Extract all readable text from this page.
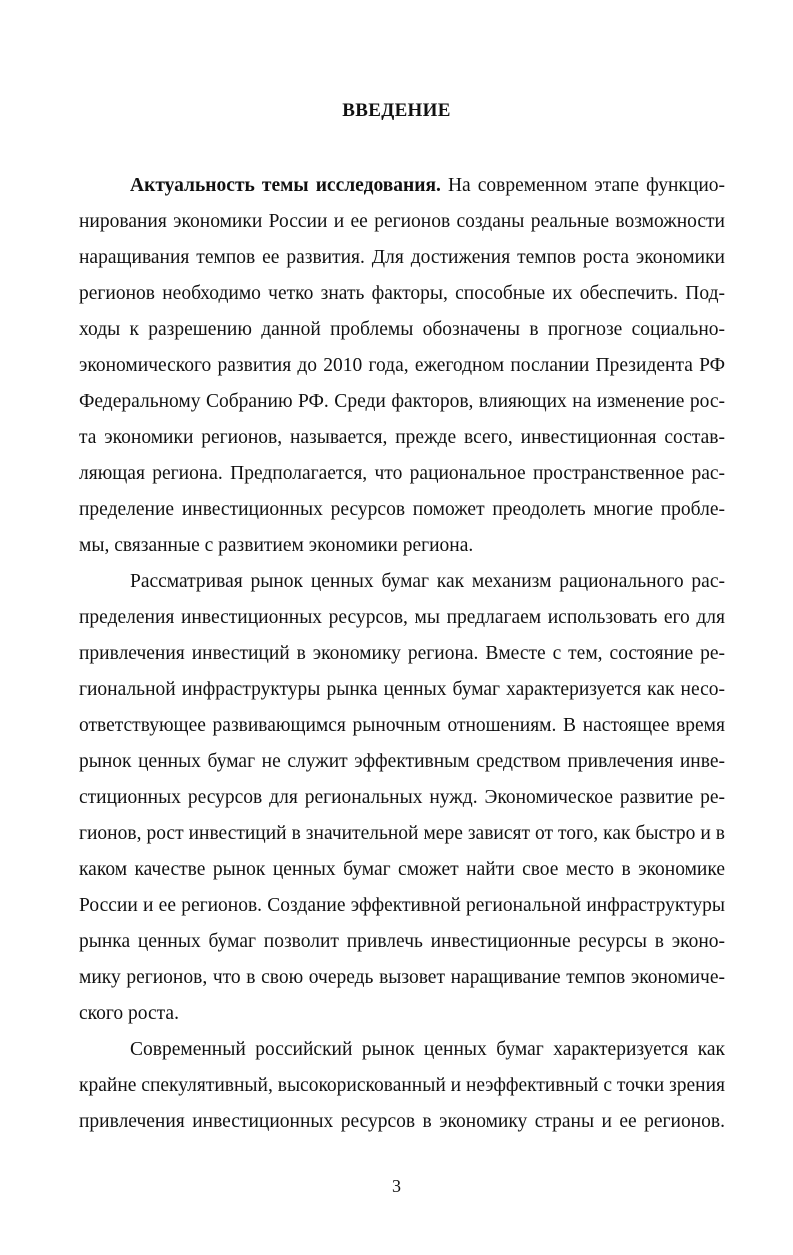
ВВЕДЕНИЕ
Актуальность темы исследования. На современном этапе функцио-
нирования экономики России и ее регионов созданы реальные возможности
наращивания темпов ее развития. Для достижения темпов роста экономики
регионов необходимо четко знать факторы, способные их обеспечить. Под-
ходы к разрешению данной проблемы обозначены в прогнозе социально-
экономического развития до 2010 года, ежегодном послании Президента РФ
Федеральному Собранию РФ. Среди факторов, влияющих на изменение рос-
та экономики регионов, называется, прежде всего, инвестиционная состав-
ляющая региона. Предполагается, что рациональное пространственное рас-
пределение инвестиционных ресурсов поможет преодолеть многие пробле-
мы, связанные с развитием экономики региона.
Рассматривая рынок ценных бумаг как механизм рационального рас-
пределения инвестиционных ресурсов, мы предлагаем использовать его для
привлечения инвестиций в экономику региона. Вместе с тем, состояние ре-
гиональной инфраструктуры рынка ценных бумаг характеризуется как несо-
ответствующее развивающимся рыночным отношениям. В настоящее время
рынок ценных бумаг не служит эффективным средством привлечения инве-
стиционных ресурсов для региональных нужд. Экономическое развитие ре-
гионов, рост инвестиций в значительной мере зависят от того, как быстро и в
каком качестве рынок ценных бумаг сможет найти свое место в экономике
России и ее регионов. Создание эффективной региональной инфраструктуры
рынка ценных бумаг позволит привлечь инвестиционные ресурсы в эконо-
мику регионов, что в свою очередь вызовет наращивание темпов экономиче-
ского роста.
Современный российский рынок ценных бумаг характеризуется как
крайне спекулятивный, высокорискованный и неэффективный с точки зрения
привлечения инвестиционных ресурсов в экономику страны и ее регионов.
3
